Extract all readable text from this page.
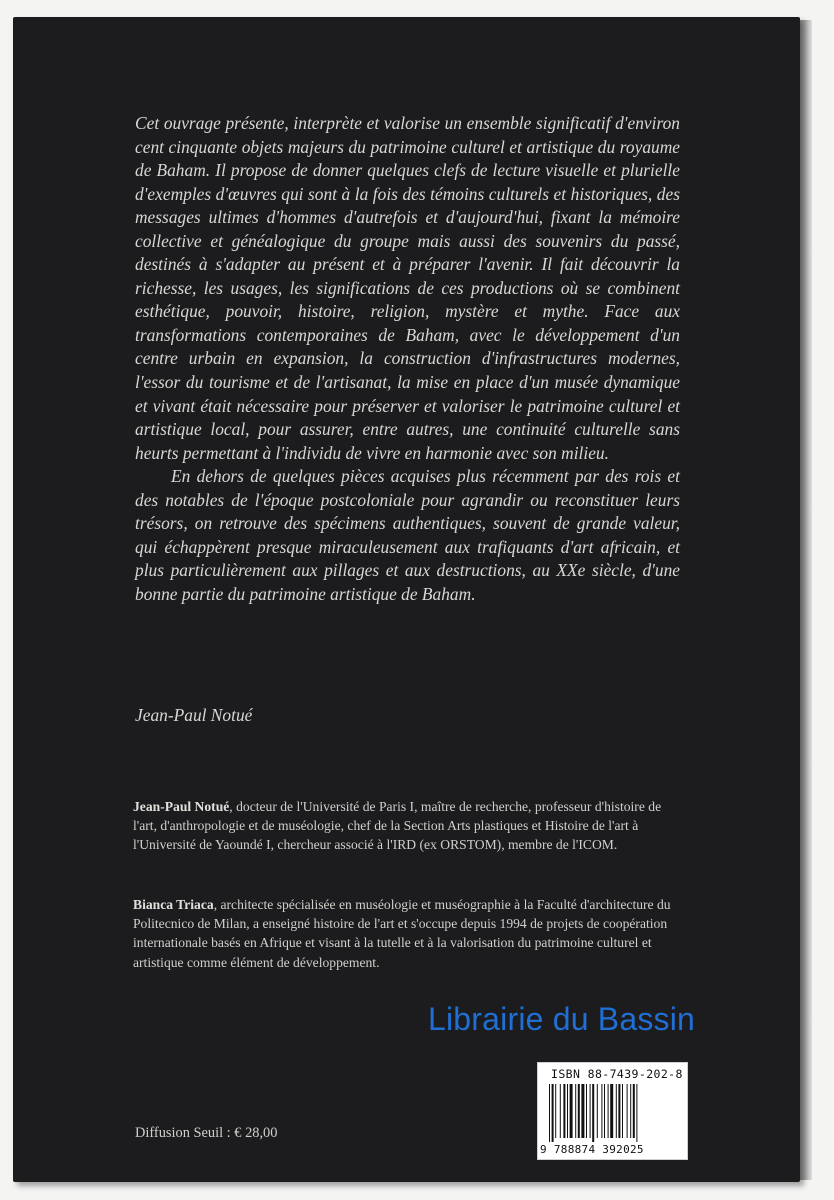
Cet ouvrage présente, interprète et valorise un ensemble significatif d'environ cent cinquante objets majeurs du patrimoine culturel et artistique du royaume de Baham. Il propose de donner quelques clefs de lecture visuelle et plurielle d'exemples d'œuvres qui sont à la fois des témoins culturels et historiques, des messages ultimes d'hommes d'autrefois et d'aujourd'hui, fixant la mémoire collective et généalogique du groupe mais aussi des souvenirs du passé, destinés à s'adapter au présent et à préparer l'avenir. Il fait découvrir la richesse, les usages, les significations de ces productions où se combinent esthétique, pouvoir, histoire, religion, mystère et mythe. Face aux transformations contemporaines de Baham, avec le développement d'un centre urbain en expansion, la construction d'infrastructures modernes, l'essor du tourisme et de l'artisanat, la mise en place d'un musée dynamique et vivant était nécessaire pour préserver et valoriser le patrimoine culturel et artistique local, pour assurer, entre autres, une continuité culturelle sans heurts permettant à l'individu de vivre en harmonie avec son milieu.

En dehors de quelques pièces acquises plus récemment par des rois et des notables de l'époque postcoloniale pour agrandir ou reconstituer leurs trésors, on retrouve des spécimens authentiques, souvent de grande valeur, qui échappèrent presque miraculeusement aux trafiquants d'art africain, et plus particulièrement aux pillages et aux destructions, au XXe siècle, d'une bonne partie du patrimoine artistique de Baham.

Jean-Paul Notué

Jean-Paul Notué, docteur de l'Université de Paris I, maître de recherche, professeur d'histoire de l'art, d'anthropologie et de muséologie, chef de la Section Arts plastiques et Histoire de l'art à l'Université de Yaoundé I, chercheur associé à l'IRD (ex ORSTOM), membre de l'ICOM.

Bianca Triaca, architecte spécialisée en muséologie et muséographie à la Faculté d'architecture du Politecnico de Milan, a enseigné histoire de l'art et s'occupe depuis 1994 de projets de coopération internationale basés en Afrique et visant à la tutelle et à la valorisation du patrimoine culturel et artistique comme élément de développement.

Librairie du Bassin
Diffusion Seuil : € 28,00
ISBN 88-7439-202-8
9 788874 392025
